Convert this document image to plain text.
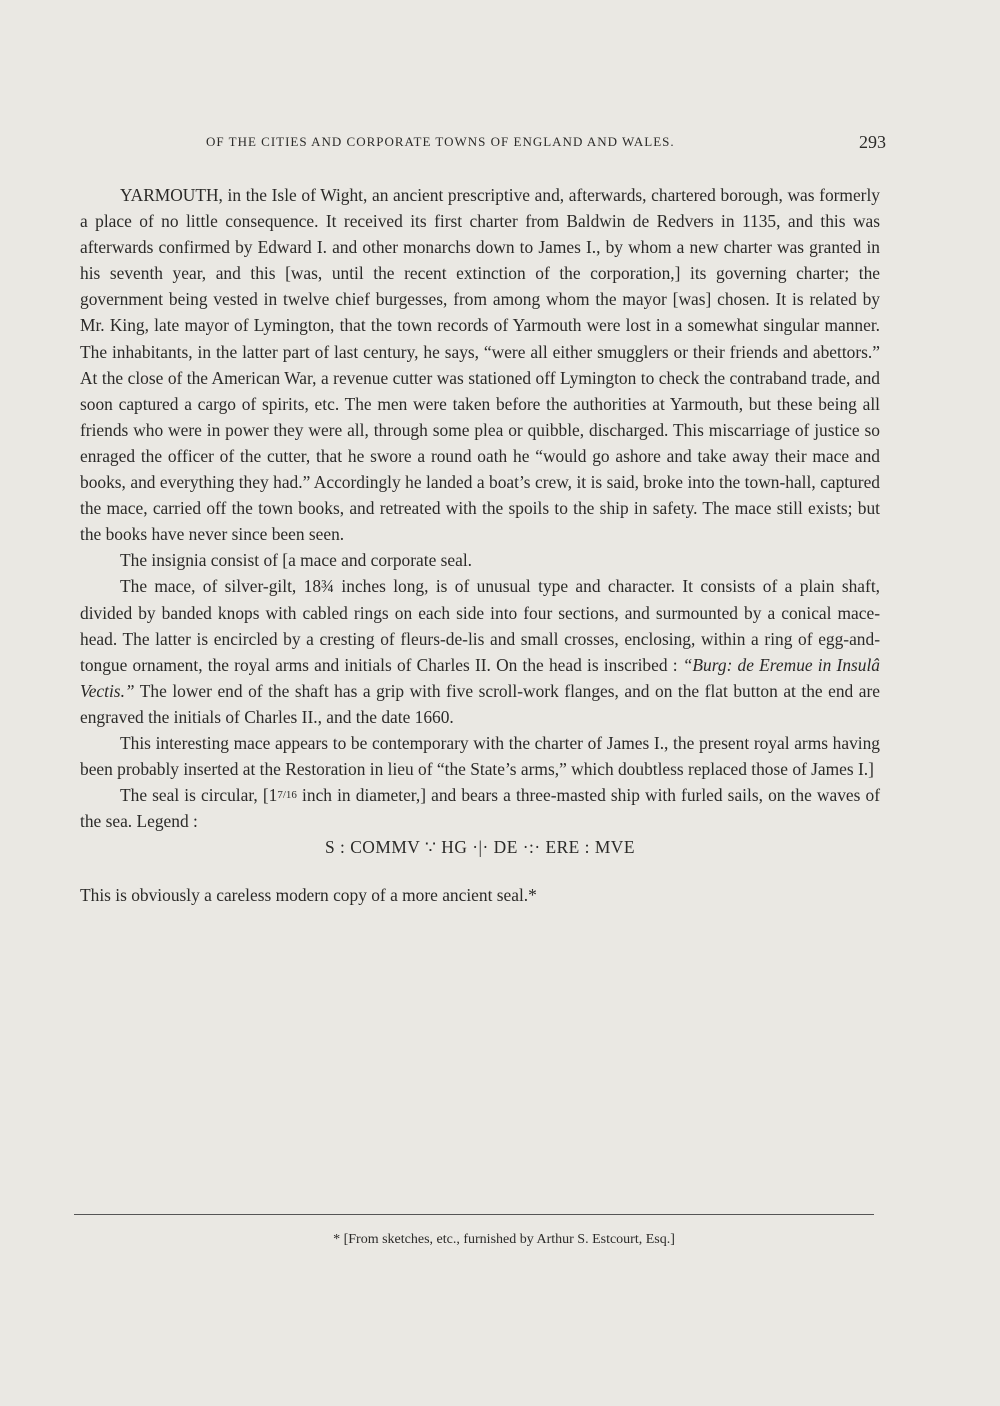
OF THE CITIES AND CORPORATE TOWNS OF ENGLAND AND WALES.	293

YARMOUTH, in the Isle of Wight, an ancient prescriptive and, afterwards, chartered borough, was formerly a place of no little consequence. It received its first charter from Baldwin de Redvers in 1135, and this was afterwards confirmed by Edward I. and other monarchs down to James I., by whom a new charter was granted in his seventh year, and this [was, until the recent extinction of the corporation,] its governing charter; the government being vested in twelve chief burgesses, from among whom the mayor [was] chosen. It is related by Mr. King, late mayor of Lymington, that the town records of Yarmouth were lost in a somewhat singular manner. The inhabitants, in the latter part of last century, he says, “were all either smugglers or their friends and abettors.” At the close of the American War, a revenue cutter was stationed off Lymington to check the contraband trade, and soon captured a cargo of spirits, etc. The men were taken before the authorities at Yarmouth, but these being all friends who were in power they were all, through some plea or quibble, discharged. This miscarriage of justice so enraged the officer of the cutter, that he swore a round oath he “would go ashore and take away their mace and books, and everything they had.” Accordingly he landed a boat’s crew, it is said, broke into the town-hall, captured the mace, carried off the town books, and retreated with the spoils to the ship in safety. The mace still exists; but the books have never since been seen.

The insignia consist of [a mace and corporate seal.

The mace, of silver-gilt, 18¾ inches long, is of unusual type and character. It consists of a plain shaft, divided by banded knops with cabled rings on each side into four sections, and surmounted by a conical mace-head. The latter is encircled by a cresting of fleurs-de-lis and small crosses, enclosing, within a ring of egg-and-tongue ornament, the royal arms and initials of Charles II. On the head is inscribed : “Burg: de Eremue in Insulâ Vectis.” The lower end of the shaft has a grip with five scroll-work flanges, and on the flat button at the end are engraved the initials of Charles II., and the date 1660.

This interesting mace appears to be contemporary with the charter of James I., the present royal arms having been probably inserted at the Restoration in lieu of “the State’s arms,” which doubtless replaced those of James I.]

The seal is circular, [17/16 inch in diameter,] and bears a three-masted ship with furled sails, on the waves of the sea. Legend :

S : COMMV ∵ HG ·|· DE ·:· ERE : MVE

This is obviously a careless modern copy of a more ancient seal.*

* [From sketches, etc., furnished by Arthur S. Estcourt, Esq.]
